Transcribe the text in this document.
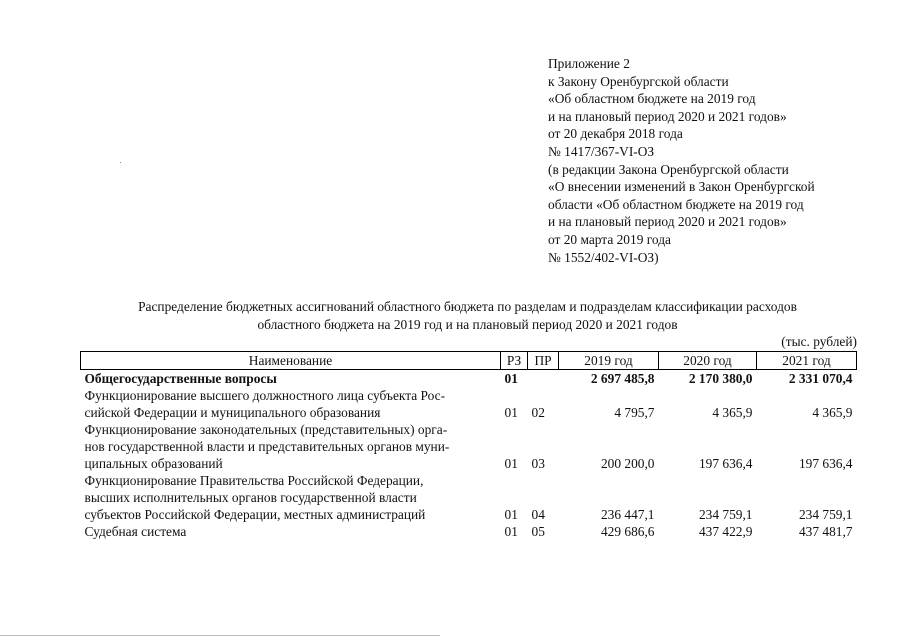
Приложение 2
к Закону Оренбургской области
«Об областном бюджете на 2019 год
и на плановый период 2020 и 2021 годов»
от 20 декабря 2018 года
№ 1417/367-VI-ОЗ
(в редакции Закона Оренбургской области
«О внесении изменений в Закон Оренбургской
области «Об областном бюджете на 2019 год
и на плановый период 2020 и 2021 годов»
от 20 марта 2019 года
№ 1552/402-VI-ОЗ)
Распределение бюджетных ассигнований областного бюджета по разделам и подразделам классификации расходов
областного бюджета на 2019 год и на плановый период 2020 и 2021 годов
(тыс. рублей)
Наименование	РЗ	ПР	2019 год	2020 год	2021 год

Общегосударственные вопросы	01		2 697 485,8	2 170 380,0	2 331 070,4

Функционирование высшего должностного лица субъекта Рос-
сийской Федерации и муниципального образования	01	02	4 795,7	4 365,9	4 365,9

Функционирование законодательных (представительных) орга-
нов государственной власти и представительных органов муни-
ципальных образований	01	03	200 200,0	197 636,4	197 636,4

Функционирование Правительства Российской Федерации,
высших исполнительных органов государственной власти
субъектов Российской Федерации, местных администраций	01	04	236 447,1	234 759,1	234 759,1

Судебная система	01	05	429 686,6	437 422,9	437 481,7
